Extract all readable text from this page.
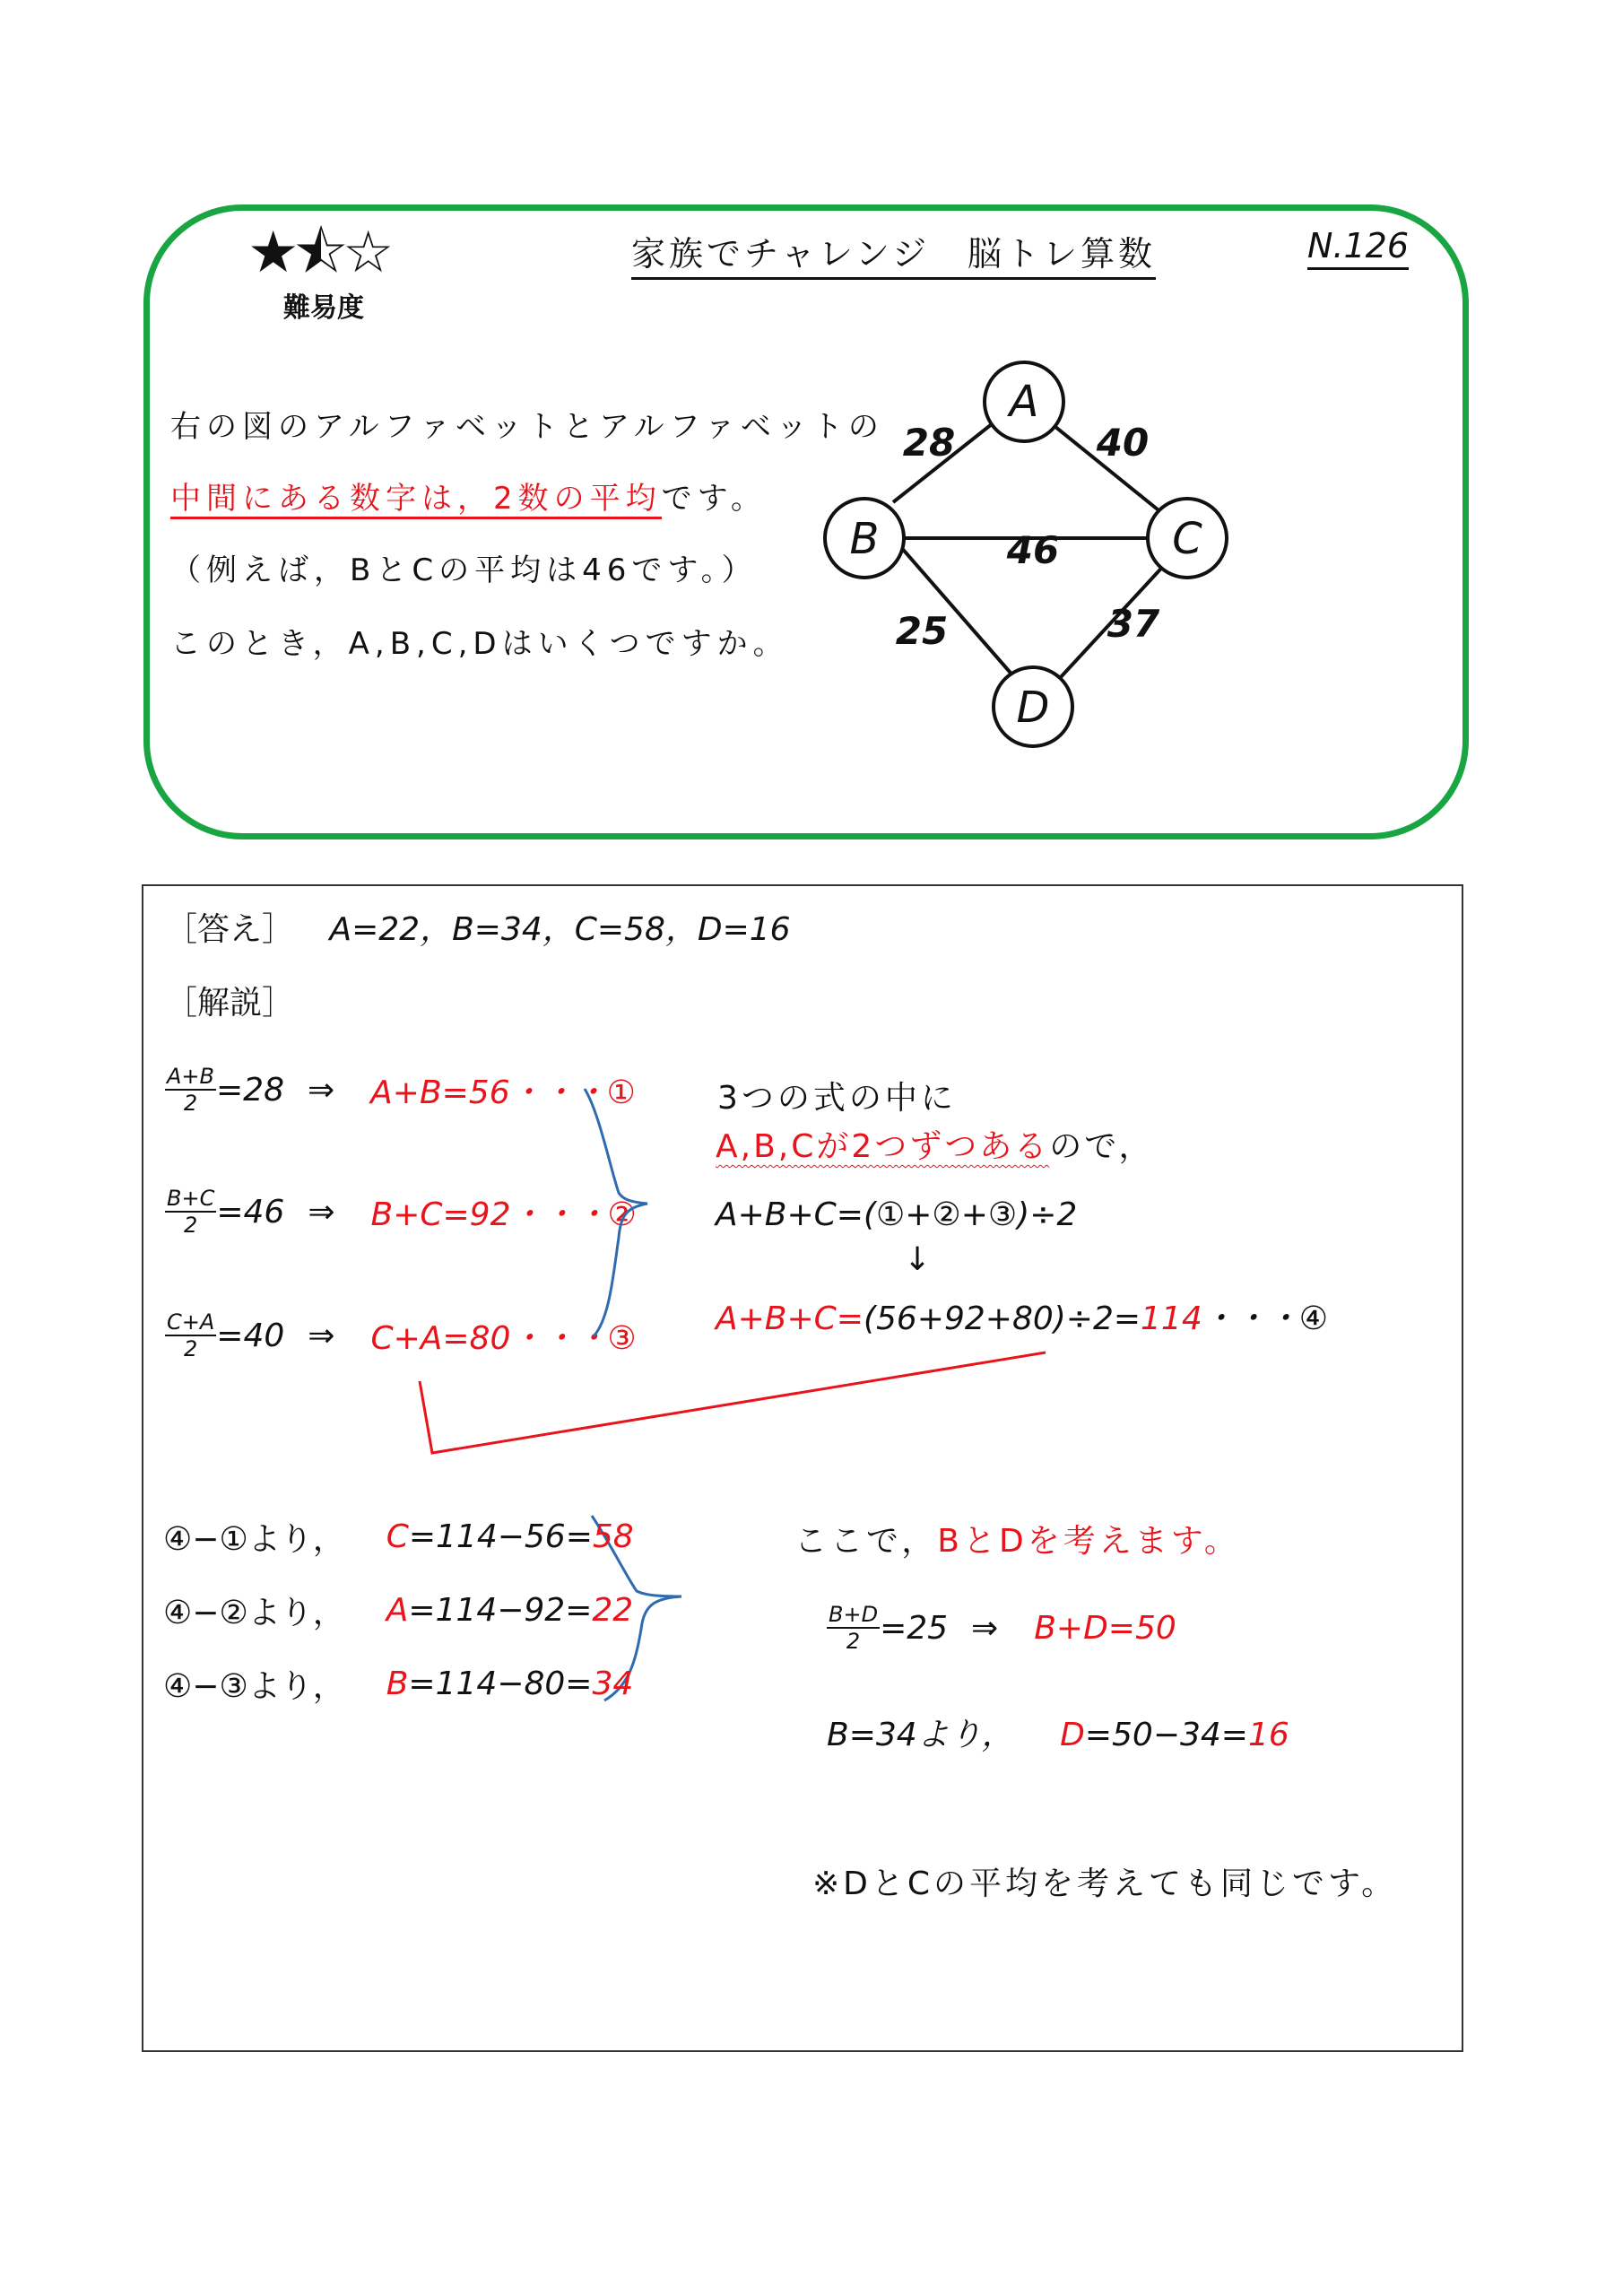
★⯪☆
難易度
家族でチャレンジ　脳トレ算数	N.126
右の図のアルファベットとアルファベットの
中間にある数字は，2数の平均です。
（例えば，BとCの平均は46です。）
このとき，A,B,C,Dはいくつですか。
A
B	C
D
28	40
46
25	37
［答え］ A=22，B=34，C=58，D=16
［解説］
$\frac{A+B}{2} =28$ ⇒ A+B=56・・・①
$\frac{B+C}{2} =46$ ⇒ B+C=92・・・②
$\frac{C+A}{2} =40$ ⇒ C+A=80・・・③
3つの式の中に
A,B,Cが2つずつあるので，
A+B+C=(①+②+③)÷2
↓
A+B+C=(56+92+80)÷2=114・・・④
④−①より， C =114−56= 58
④−②より， A =114−92= 22
④−③より， B =114−80= 34
ここで，BとDを考えます。
$\frac{B+D}{2} =25$ ⇒ B+D=50
B=34より， D=50−34=16
※DとCの平均を考えても同じです。
